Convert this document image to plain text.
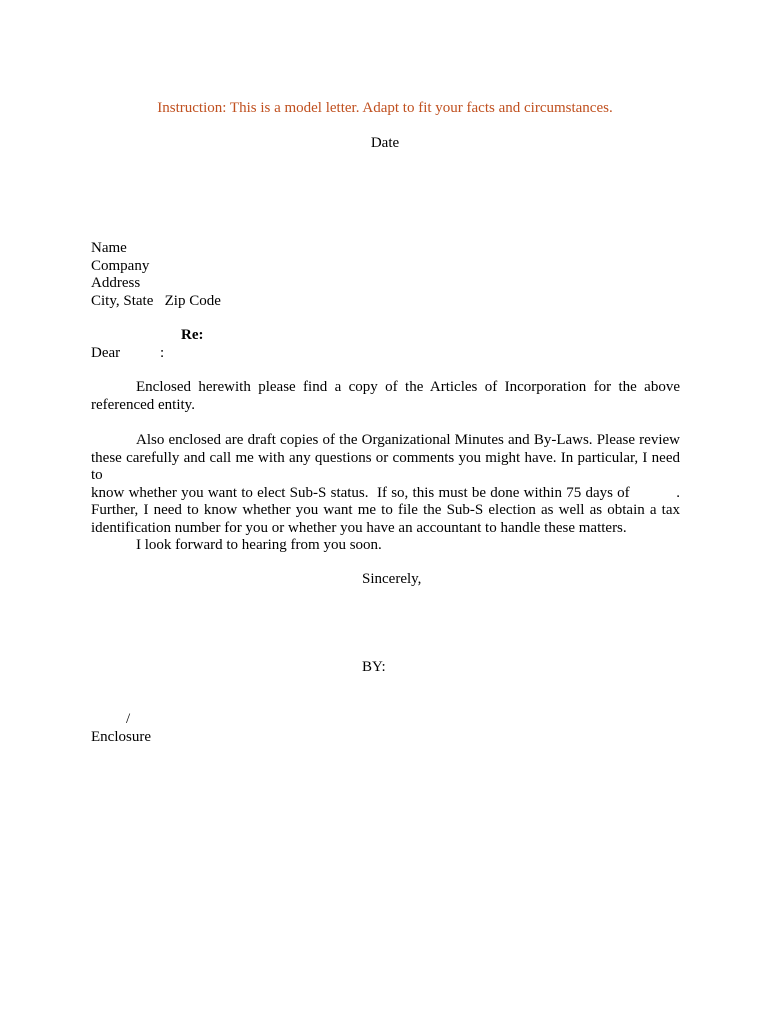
Instruction: This is a model letter. Adapt to fit your facts and circumstances.
Date
Name
Company
Address
City, State   Zip Code
Re:
Dear	:
Enclosed herewith please find a copy of the Articles of Incorporation for the above
referenced entity.
Also enclosed are draft copies of the Organizational Minutes and By-Laws. Please review
these carefully and call me with any questions or comments you might have. In particular, I need to
know whether you want to elect Sub-S status.  If so, this must be done within 75 days of           .
Further, I need to know whether you want me to file the Sub-S election as well as obtain a tax
identification number for you or whether you have an accountant to handle these matters.
I look forward to hearing from you soon.
Sincerely,
BY:
/
Enclosure
